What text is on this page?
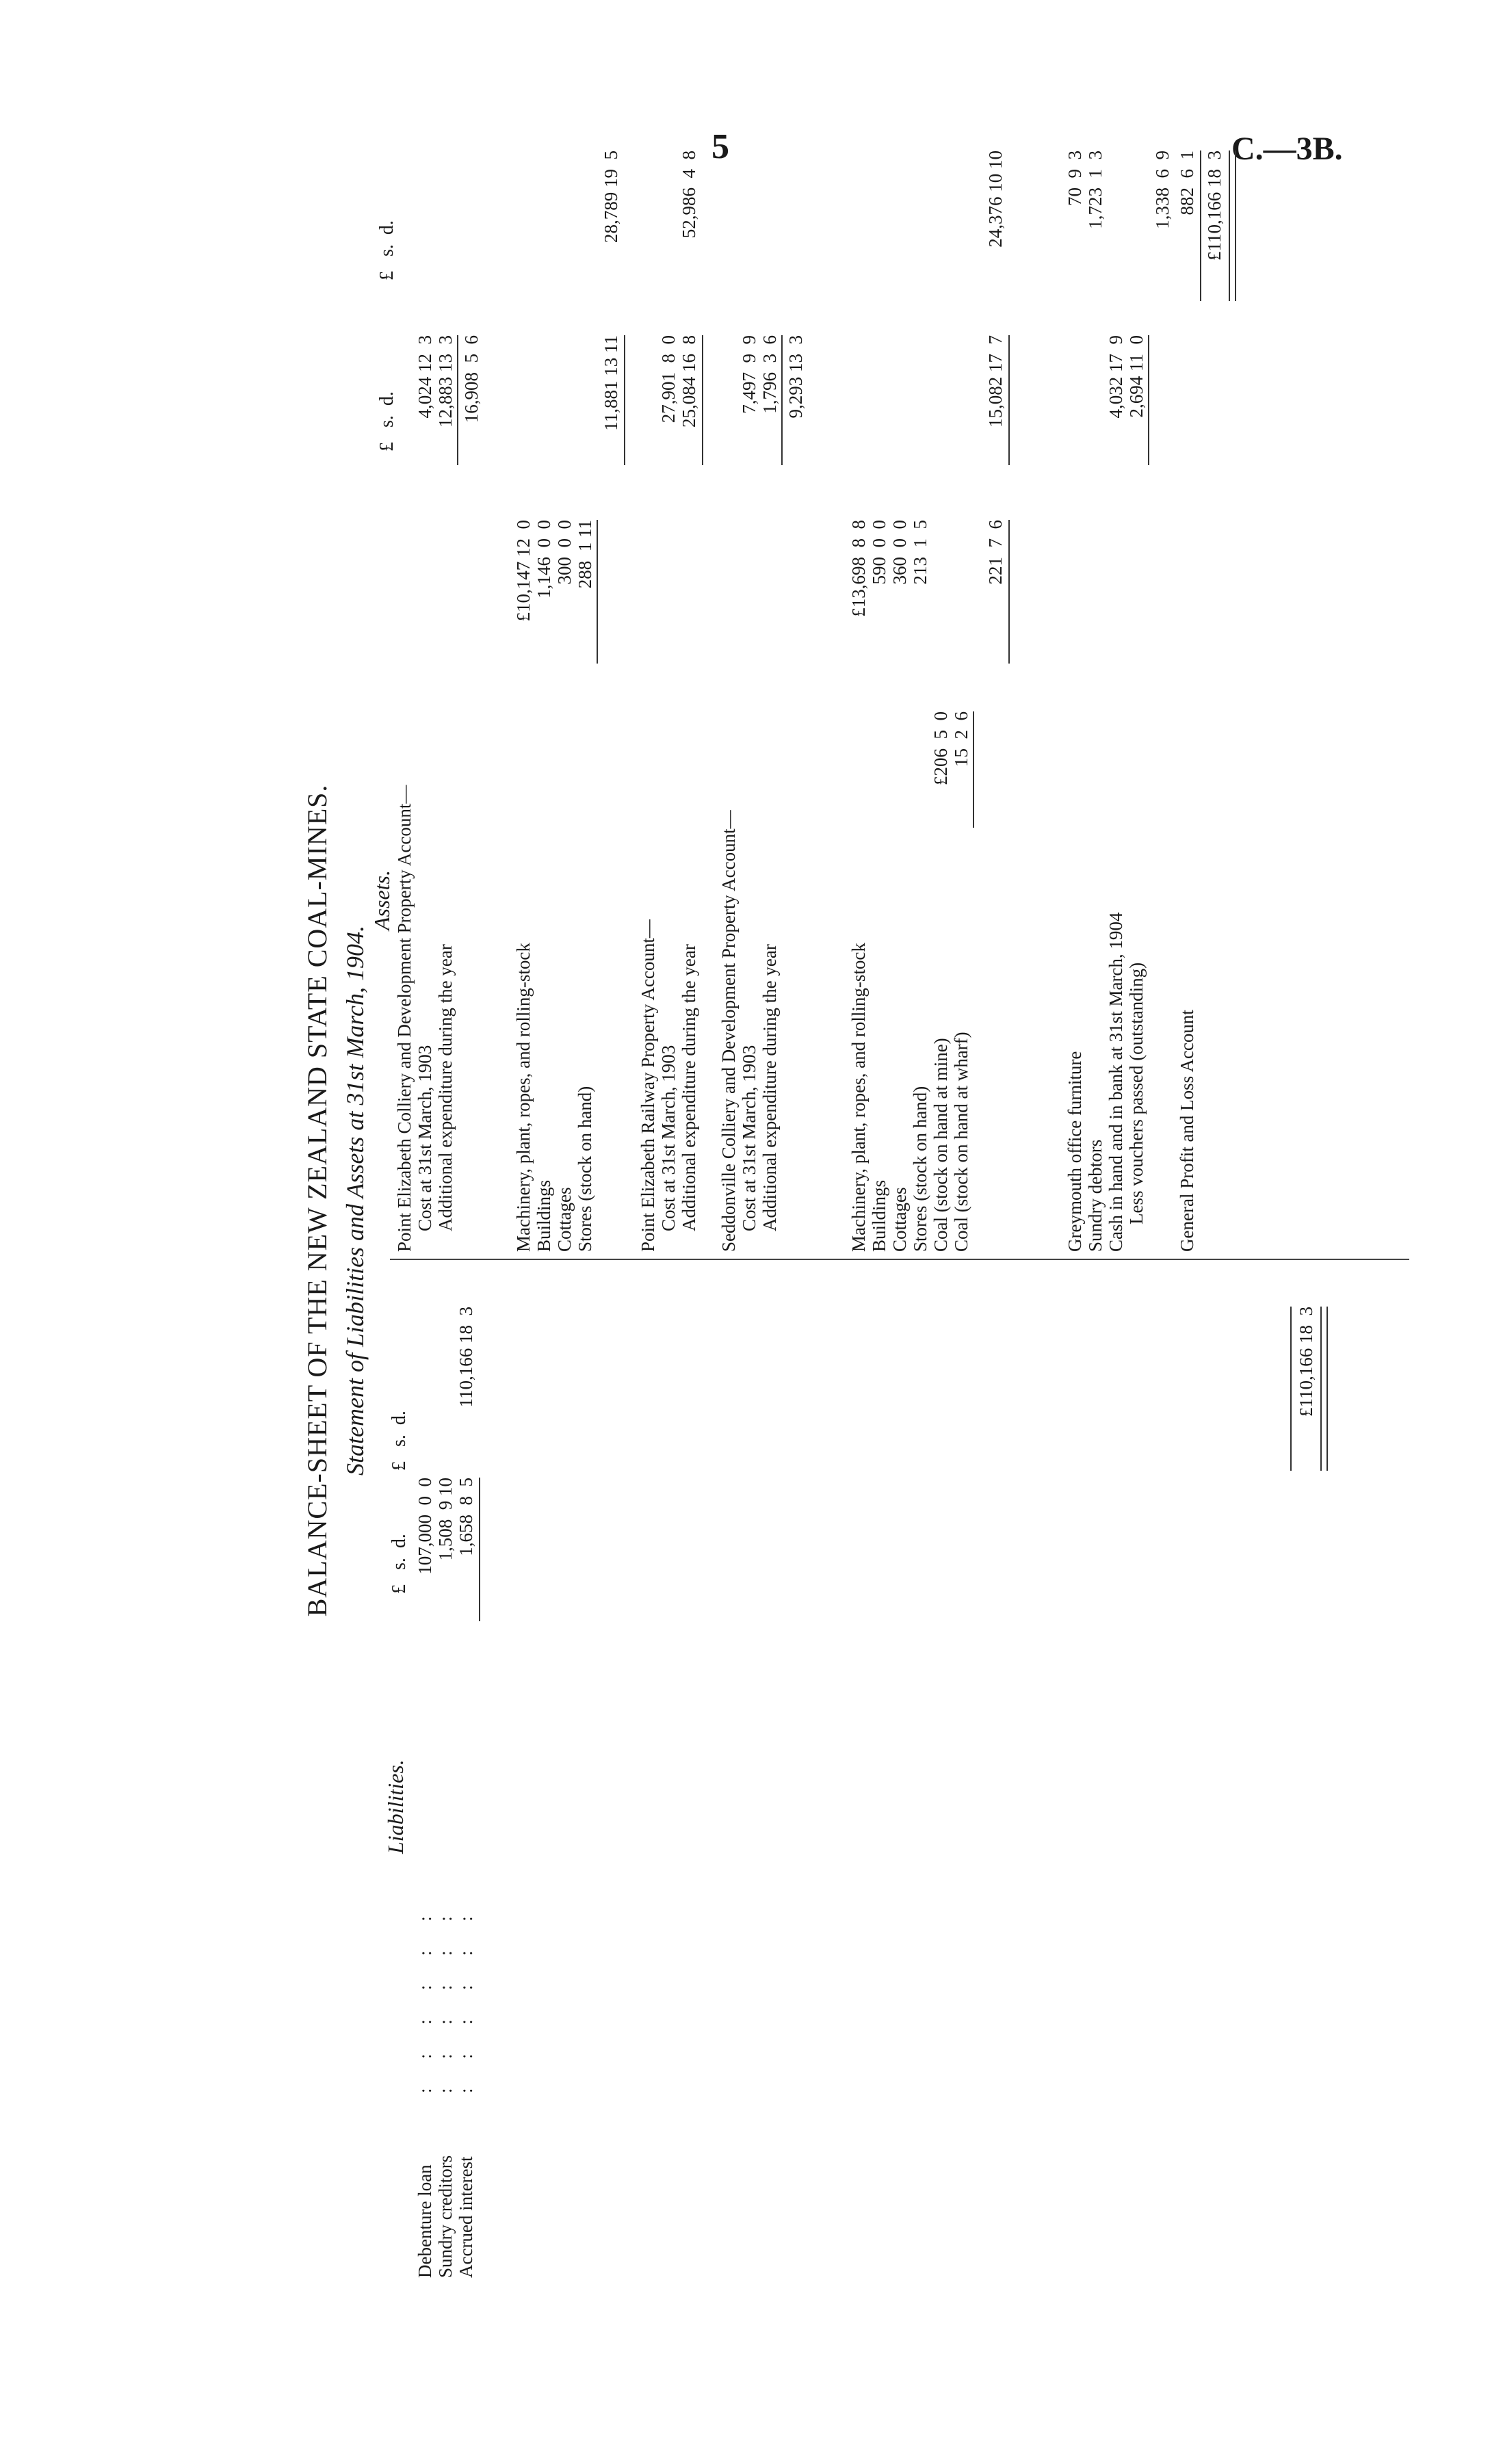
5	C.—3B.
BALANCE-SHEET OF THE NEW ZEALAND STATE COAL-MINES. Statement of Liabilities and Assets at 31st March, 1904.
Liabilities.
£   s.  d.
£   s.  d.
Debenture loan
: : : : : :
107,000  0  0
Sundry creditors
: : : : : :
1,508  9 10
Accrued interest
: : : : : :
1,658  8  5
110,166 18  3	£110,166 18  3
Assets.
£   s.  d.
£   s.  d.
Point Elizabeth Colliery and Development Property Account— Cost at 31st March, 1903
4,024 12  3
Additional expenditure during the year
12,883 13  3 16,908  5  6
Machinery, plant, ropes, and rolling-stock
£10,147 12  0
Buildings
1,146  0  0
Cottages
300  0  0
Stores (stock on hand)
288  1 11
11,881 13 11
28,789 19  5
Point Elizabeth Railway Property Account— Cost at 31st March, 1903
27,901  8  0
Additional expenditure during the year
25,084 16  8
52,986  4  8
Seddonville Colliery and Development Property Account— Cost at 31st March, 1903
7,497  9  9
Additional expenditure during the year
1,796  3  6 9,293 13  3
Machinery, plant, ropes, and rolling-stock
£13,698  8  8
Buildings
590  0  0
Cottages
360  0  0
Stores (stock on hand)
213  1  5
Coal (stock on hand at mine)
£206  5  0
Coal (stock on hand at wharf)
15  2  6
221  7  6
15,082 17  7
24,376 10 10
Greymouth office furniture
70  9  3
Sundry debtors
1,723  1  3
Cash in hand and in bank at 31st March, 1904
4,032 17  9
Less vouchers passed (outstanding)
2,694 11  0
1,338  6  9
General Profit and Loss Account
882  6  1 £110,166 18  3
